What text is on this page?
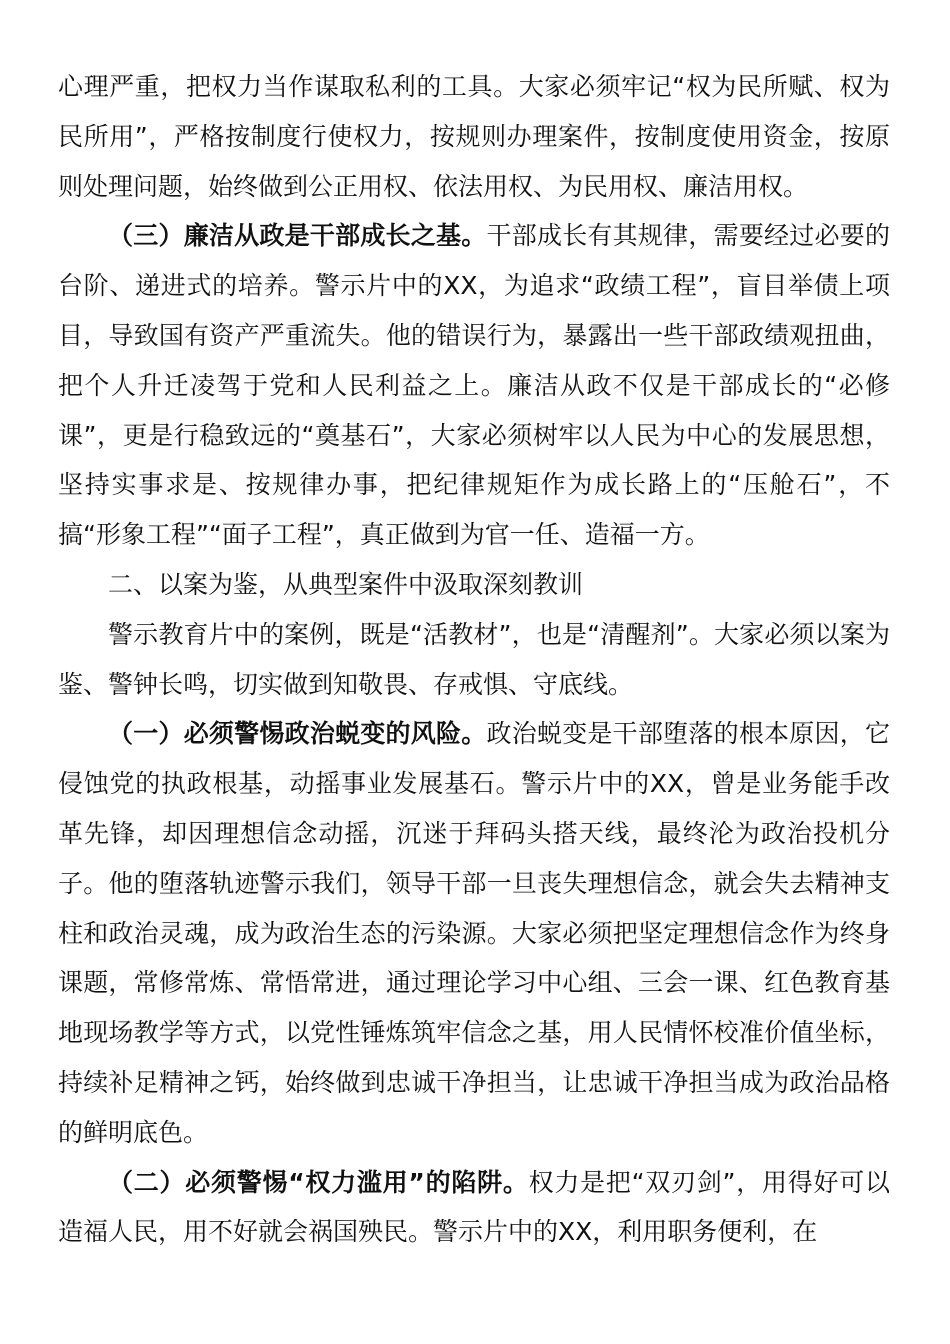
心理严重，把权力当作谋取私利的工具。大家必须牢记“权为民所赋、权为民所用”，严格按制度行使权力，按规则办理案件，按制度使用资金，按原则处理问题，始终做到公正用权、依法用权、为民用权、廉洁用权。

（三）廉洁从政是干部成长之基。干部成长有其规律，需要经过必要的台阶、递进式的培养。警示片中的XX，为追求“政绩工程”，盲目举债上项目，导致国有资产严重流失。他的错误行为，暴露出一些干部政绩观扭曲，把个人升迁凌驾于党和人民利益之上。廉洁从政不仅是干部成长的“必修课”，更是行稳致远的“奠基石”，大家必须树牢以人民为中心的发展思想，坚持实事求是、按规律办事，把纪律规矩作为成长路上的“压舱石”，不搞“形象工程”“面子工程”，真正做到为官一任、造福一方。

二、以案为鉴，从典型案件中汲取深刻教训

警示教育片中的案例，既是“活教材”，也是“清醒剂”。大家必须以案为鉴、警钟长鸣，切实做到知敬畏、存戒惧、守底线。

（一）必须警惕政治蜕变的风险。政治蜕变是干部堕落的根本原因，它侵蚀党的执政根基，动摇事业发展基石。警示片中的XX，曾是业务能手改革先锋，却因理想信念动摇，沉迷于拜码头搭天线，最终沦为政治投机分子。他的堕落轨迹警示我们，领导干部一旦丧失理想信念，就会失去精神支柱和政治灵魂，成为政治生态的污染源。大家必须把坚定理想信念作为终身课题，常修常炼、常悟常进，通过理论学习中心组、三会一课、红色教育基地现场教学等方式，以党性锤炼筑牢信念之基，用人民情怀校准价值坐标，持续补足精神之钙，始终做到忠诚干净担当，让忠诚干净担当成为政治品格的鲜明底色。

（二）必须警惕“权力滥用”的陷阱。权力是把“双刃剑”，用得好可以造福人民，用不好就会祸国殃民。警示片中的XX，利用职务便利，在
